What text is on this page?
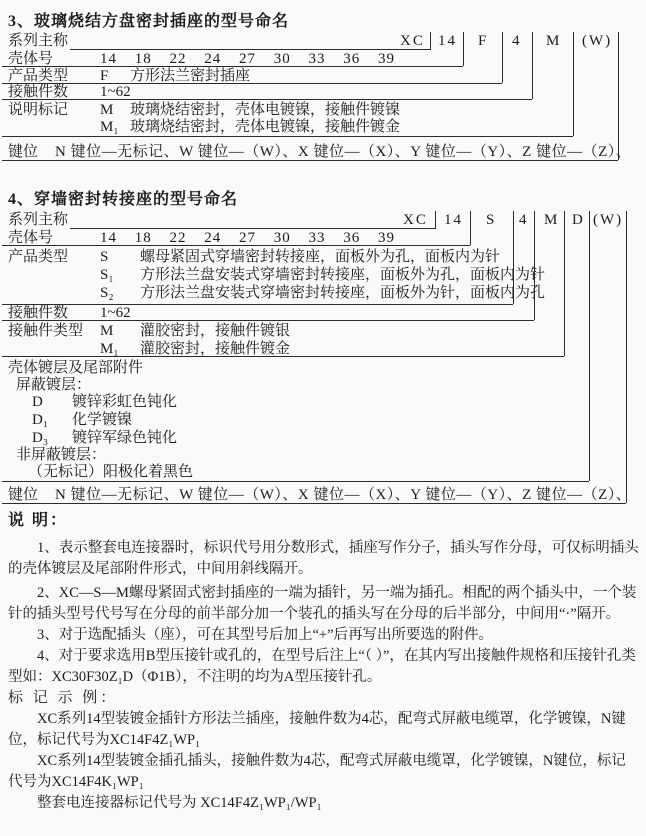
3、玻璃烧结方盘密封插座的型号命名
XC 14 F 4 M (W)
系列主称
壳体号	14 18 22 24 27 30 33 36 39
产品类型 F 方形法兰密封插座
接触件数 1~62
说明标记 M 玻璃烧结密封，壳体电镀镍，接触件镀镍
M₁ 玻璃烧结密封，壳体电镀镍，接触件镀金
键位 N 键位—无标记、W 键位—（W）、X 键位—（X）、Y 键位—（Y）、Z 键位—（Z）、
4、穿墙密封转接座的型号命名
XC 14 S 4 M D (W)
系列主称
壳体号	14 18 22 24 27 30 33 36 39
产品类型 S 螺母紧固式穿墙密封转接座，面板外为孔，面板内为针
S₁ 方形法兰盘安装式穿墙密封转接座，面板外为孔，面板内为针
S₂ 方形法兰盘安装式穿墙密封转接座，面板外为针，面板内为孔
接触件数 1~62
接触件类型 M 灌胶密封，接触件镀银
M₁ 灌胶密封，接触件镀金
壳体镀层及尾部附件
屏蔽镀层：
D 镀锌彩虹色钝化
D₁ 化学镀镍
D₃ 镀锌军绿色钝化
非屏蔽镀层：
（无标记）阳极化着黑色
键位 N 键位—无标记、W 键位—（W）、X 键位—（X）、Y 键位—（Y）、Z 键位—（Z）、

说 明：

1、表示整套电连接器时，标识代号用分数形式，插座写作分子，插头写作分母，可仅标明插头的壳体镀层及尾部附件形式，中间用斜线隔开。

2、XC—S—M螺母紧固式密封插座的一端为插针，另一端为插孔。相配的两个插头中，一个装针的插头型号代号写在分母的前半部分加一个装孔的插头写在分母的后半部分，中间用“·”隔开。

3、对于选配插头（座），可在其型号后加上“+”后再写出所要选的附件。

4、对于要求选用B型压接针或孔的，在型号后注上“（ ）”，在其内写出接触件规格和压接针孔类型如：XC30F30Z₁D（Φ1B），不注明的均为A型压接针孔。

标 记 示 例：

XC系列14型装镀金插针方形法兰插座，接触件数为4芯，配弯式屏蔽电缆罩，化学镀镍，N键位，标记代号为XC14F4Z₁WP₁

XC系列14型装镀金插孔插头，接触件数为4芯，配弯式屏蔽电缆罩，化学镀镍，N键位，标记代号为XC14F4K₁WP₁

整套电连接器标记代号为 XC14F4Z₁WP₁/WP₁
